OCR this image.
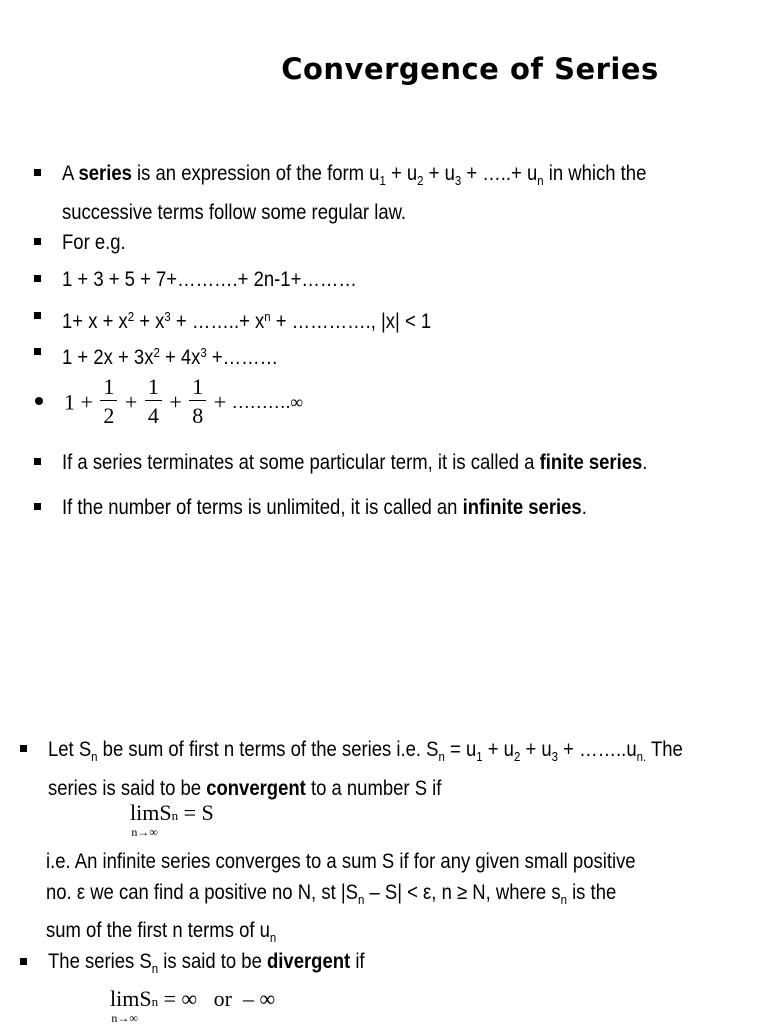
Convergence of Series
A series is an expression of the form $u_1 + u_2 + u_3$ + …..+ $u_n$ in which the
successive terms follow some regular law.
For e.g.
1 + 3 + 5 + 7+……….+ 2n-1+………
$1+ x + x^2 + x^3$ + ……..+ $x^n$ + …………., |x| < 1
$1 + 2x + 3x^2 + 4x^3$ +………
$1 + \frac{1}{2} + \frac{1}{4} + \frac{1}{8}$ + ……….∞
If a series terminates at some particular term, it is called a finite series.
If the number of terms is unlimited, it is called an infinite series.
Let $S_n$ be sum of first n terms of the series i.e. $S_n = u_1 + u_2 + u_3$ + $\dots\dots..u_{n.}$ The
series is said to be convergent to a number S if
lim
n→∞
$S^n = S$
i.e. An infinite series converges to a sum S if for any given small positive
no. ε we can find a positive no N, st $|S_n - S| < \varepsilon$, n ≥ N, where $s_n$ is the
sum of the first n terms of $u_n$
The series $S_n$ is said to be divergent if
lim
n→∞
$S^n$ = ∞   or  – ∞
